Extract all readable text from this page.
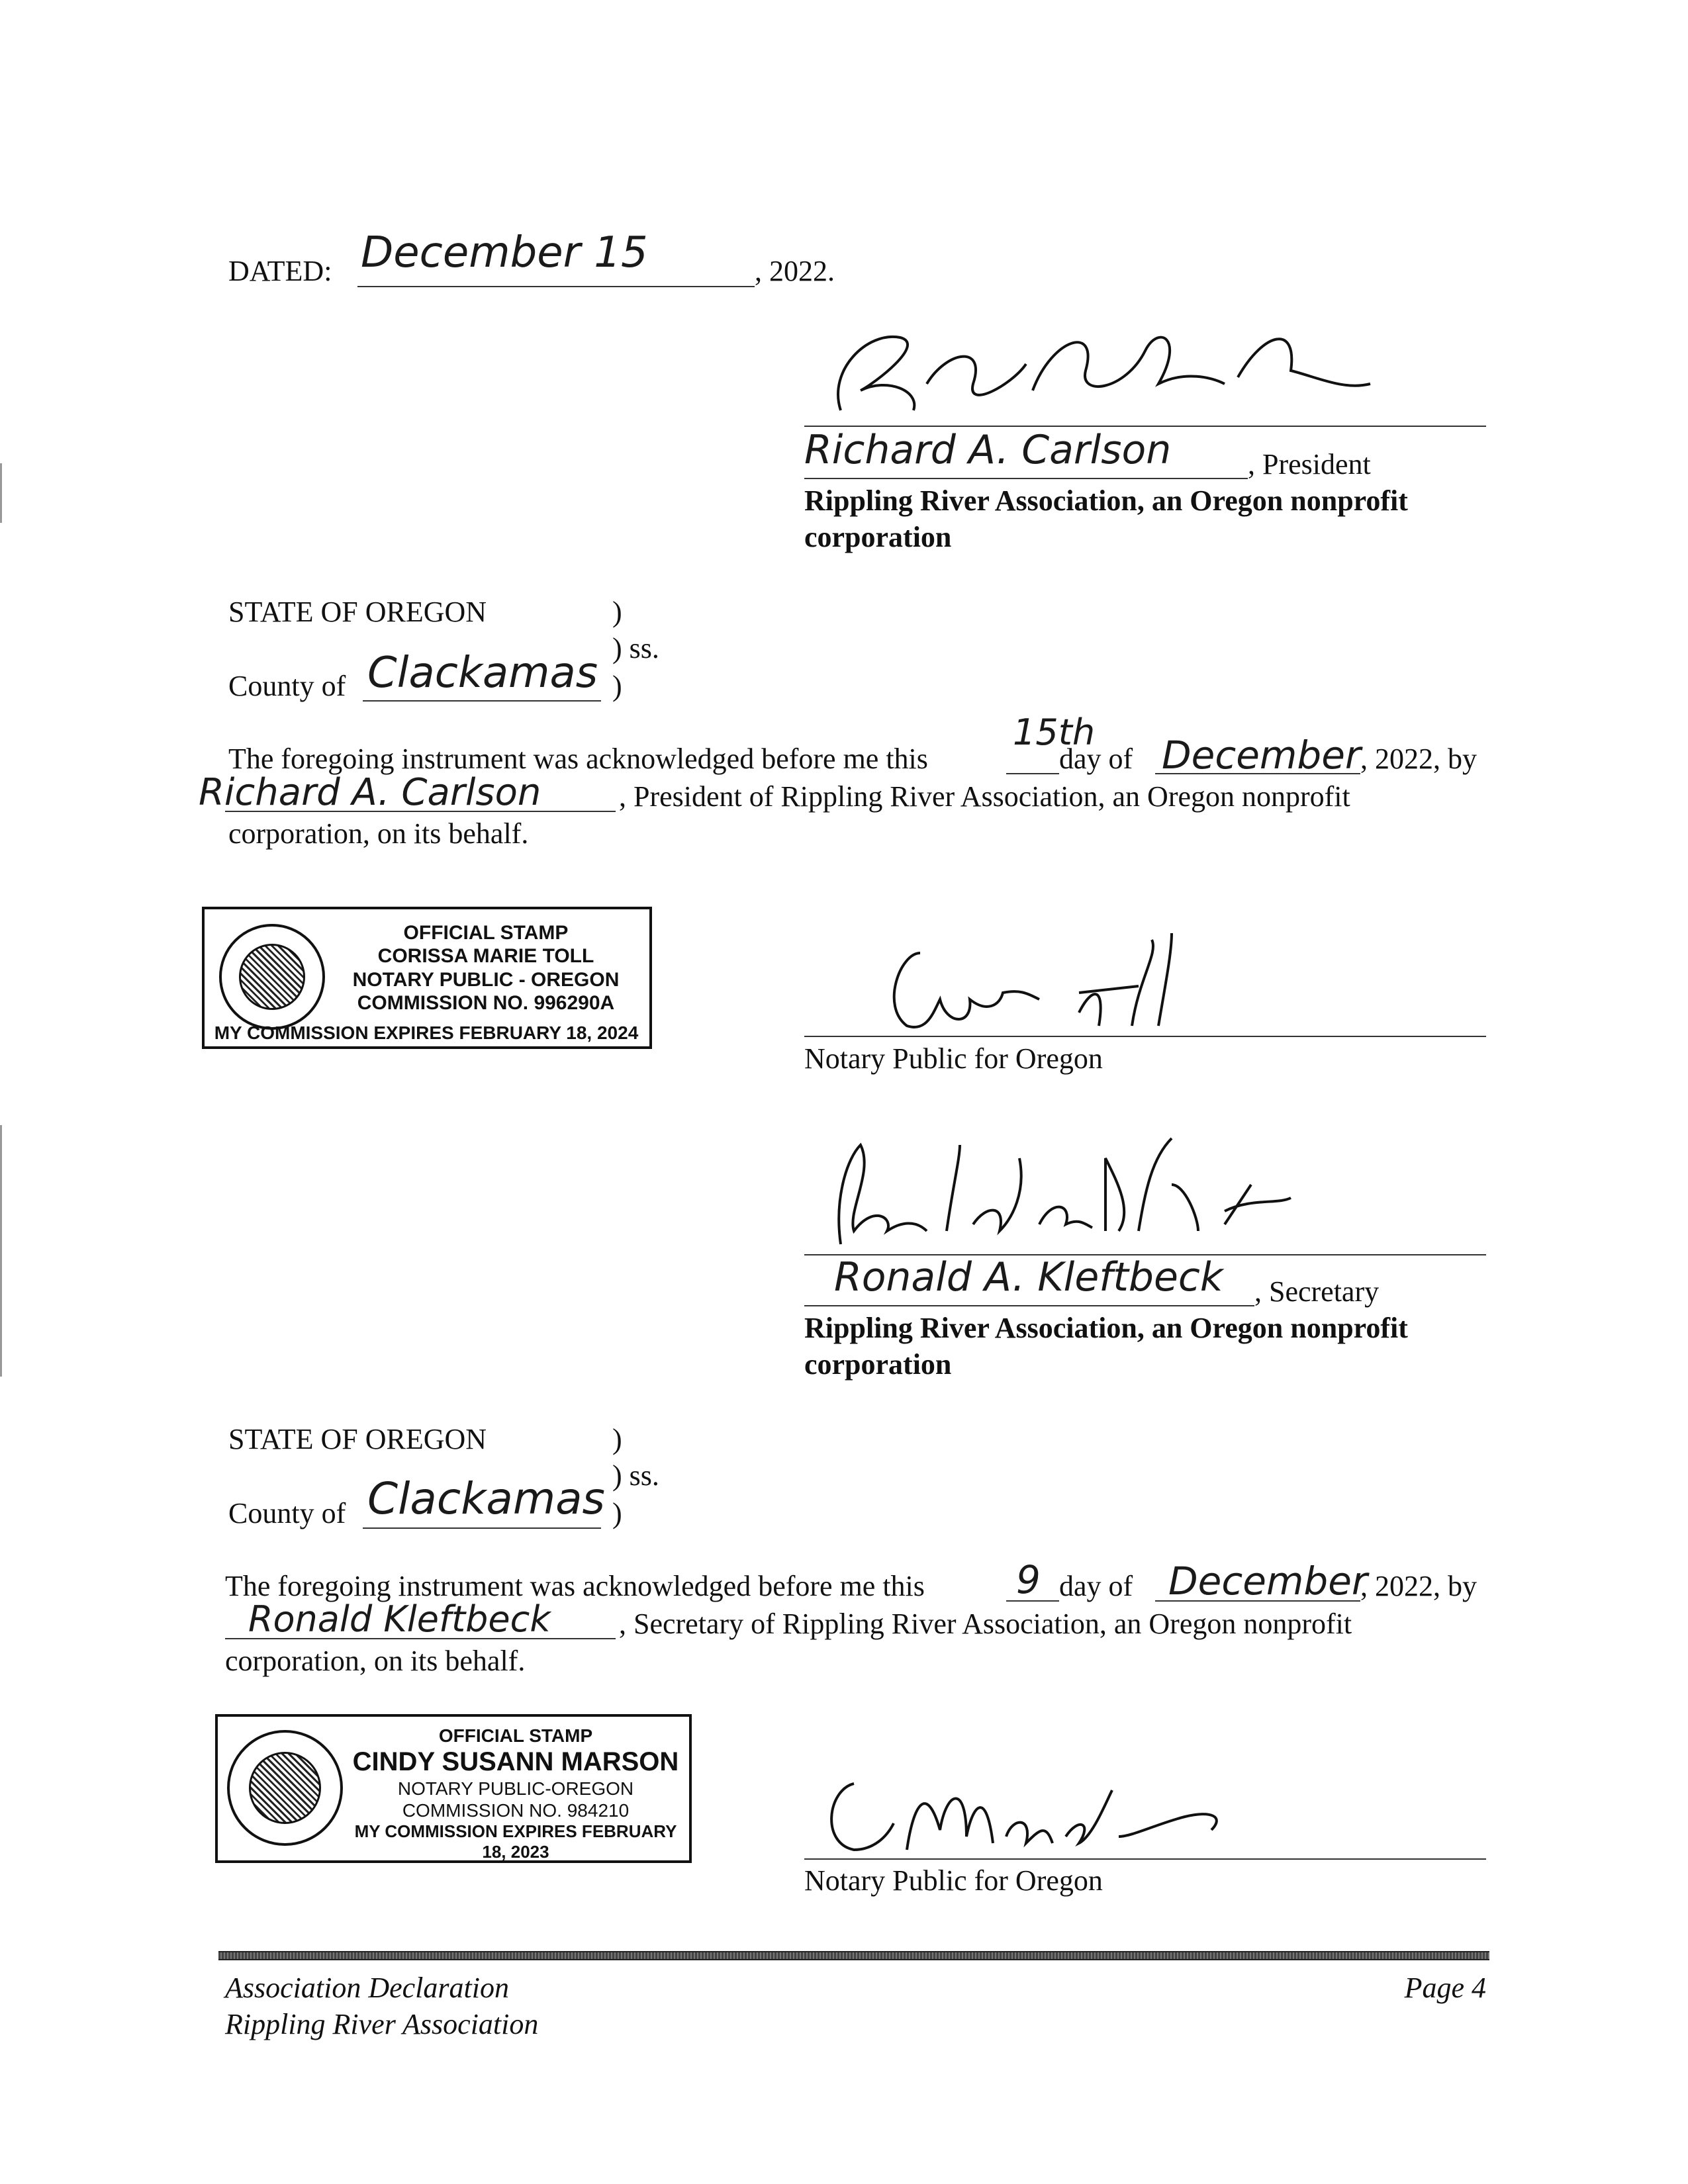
DATED: December 15	, 2022.
Richard A. Carlson	, President
Rippling River Association, an Oregon nonprofit
corporation
STATE OF OREGON	)
) ss.
County of Clackamas )
The foregoing instrument was acknowledged before me this
15th
day of December , 2022, by
Richard A. Carlson	, President of Rippling River Association, an Oregon nonprofit
corporation, on its behalf.
OFFICIAL STAMP
CORISSA MARIE TOLL
NOTARY PUBLIC - OREGON
COMMISSION NO. 996290A
MY COMMISSION EXPIRES FEBRUARY 18, 2024
Notary Public for Oregon
Ronald A. Kleftbeck , Secretary
Rippling River Association, an Oregon nonprofit
corporation
STATE OF OREGON	)
) ss.
County of Clackamas )
The foregoing instrument was acknowledged before me this 9 day of December
, 2022, by
Ronald Kleftbeck , Secretary of Rippling River Association, an Oregon nonprofit
corporation, on its behalf.
OFFICIAL STAMP
CINDY SUSANN MARSON
NOTARY PUBLIC-OREGON
COMMISSION NO. 984210
MY COMMISSION EXPIRES FEBRUARY 18, 2023
Notary Public for Oregon
Association Declaration
Rippling River Association
Page 4
